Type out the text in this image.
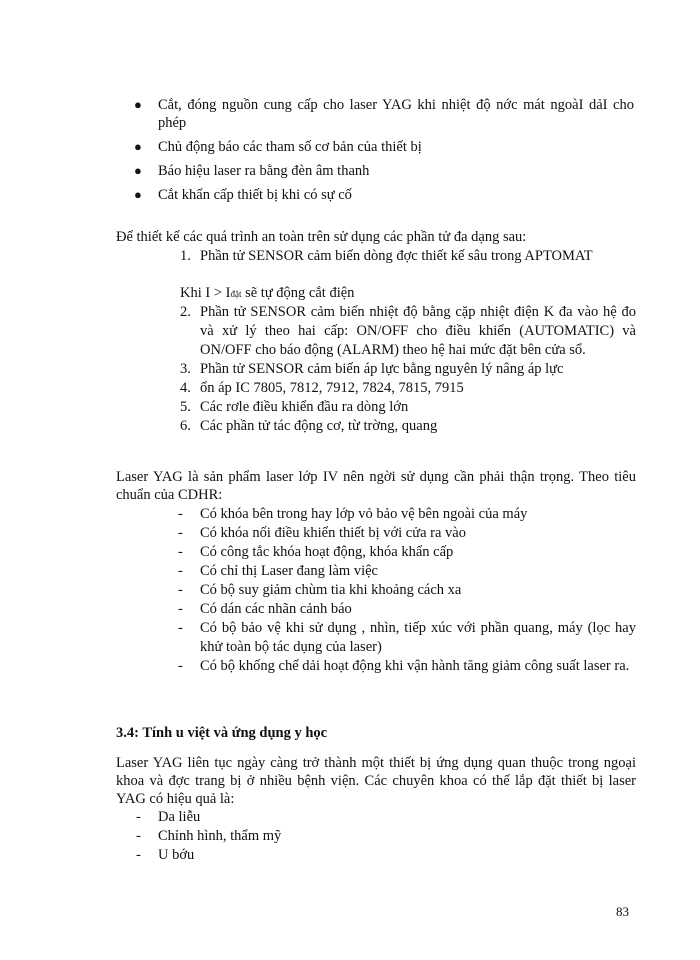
● Cắt, đóng nguồn cung cấp cho laser YAG khi nhiệt độ nớc mát ngoàI dảI cho phép
● Chủ động báo các tham số cơ bản của thiết bị
● Báo hiệu laser ra bằng đèn âm thanh
● Cắt khẩn cấp thiết bị khi có sự cố

Để thiết kế các quá trình an toàn trên sử dụng các phần tử đa dạng sau:

1. Phần tử SENSOR cảm biến dòng đợc thiết kế sâu trong APTOMAT

Khi I > Iđặt sẽ tự động cắt điện

2. Phần tử SENSOR cảm biến nhiệt độ bằng cặp nhiệt điện K đa vào hệ đo và xử lý theo hai cấp: ON/OFF cho điều khiển (AUTOMATIC) và ON/OFF cho báo động (ALARM) theo hệ hai mức đặt bên cửa sổ.
3. Phần tử SENSOR cảm biến áp lực bằng nguyên lý nâng áp lực
4. ổn áp IC 7805, 7812, 7912, 7824, 7815, 7915
5. Các rơle điều khiển đầu ra dòng lớn
6. Các phần tử tác động cơ, từ trờng, quang

Laser YAG là sản phẩm laser lớp IV nên ngời sử dụng cần phải thận trọng. Theo tiêu chuẩn của CDHR:

- Có khóa bên trong hay lớp vỏ bảo vệ bên ngoài của máy
- Có khóa nối điều khiển thiết bị với cửa ra vào
- Có công tắc khóa hoạt động, khóa khẩn cấp
- Có chỉ thị Laser đang làm việc
- Có bộ suy giảm chùm tia khi khoảng cách xa
- Có dán các nhãn cảnh báo
- Có bộ bảo vệ khi sử dụng , nhìn, tiếp xúc với phần quang, máy (lọc hay khử toàn bộ tác dụng của laser)
- Có bộ khống chế dải hoạt động khi vận hành tăng giảm công suất laser ra.

3.4: Tính u việt và ứng dụng y học

Laser YAG liên tục ngày càng trở thành một thiết bị ứng dụng quan thuộc trong ngoại khoa và đợc trang bị ở nhiều bệnh viện. Các chuyên khoa có thể lắp đặt thiết bị laser YAG có hiệu quả là:

- Da liễu
- Chỉnh hình, thẩm mỹ
- U bớu

83
